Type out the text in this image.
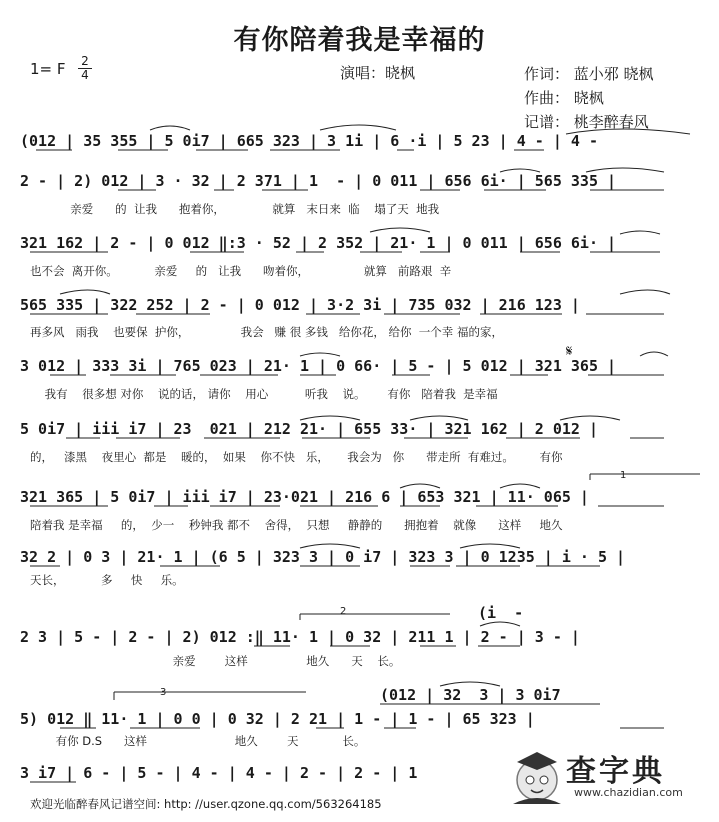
有你陪着我是幸福的
1= F 2
4	演唱：晓枫	作词： 蓝小邪 晓枫
作曲： 晓枫
记谱： 桃李醉春风
(012 | 32  3 | 3 0i7
(i  -
2
3
1
𝄋
(012 | 35 355 | 5 0i7 | 665 323 | 3 1i | 6 ·i | 5 23 | 4 - | 4 -
2 - | 2) 012 | 3 · 32 | 2 371 | 1  - | 0 011 | 656 6i· | 565 335 |
亲爱      的  让我      抱着你，             就算   末日来  临    塌了天  地我
321 162 | 2 - | 0 012 ‖:3 · 52 | 2 352 | 21· 1 | 0 011 | 656 6i· |
也不会  离开你。          亲爱     的   让我      吻着你，               就算   前路艰  辛
565 335 | 322 252 | 2 - | 0 012 | 3·2 3i | 735 032 | 216 123 |
再多风   雨我    也要保  护你，              我会   赚 很 多钱   给你花， 给你  一个幸 福的家，
3 012 | 333 3i | 765 023 | 21· 1 | 0 66· | 5 - | 5 012 | 321 365 |
我有    很多想 对你    说的话， 请你    用心          听我    说。      有你   陪着我  是幸福
5 0i7 | iii i7 | 23  021 | 212 21· | 655 33· | 321 162 | 2 012 |
的，   漆黑    夜里心  都是    暖的，  如果    你不快   乐，     我会为   你      带走所  有难过。       有你
321 365 | 5 0i7 | iii i7 | 23·021 | 216 6 | 653 321 | 11· 065 |
陪着我 是幸福     的，  少一    秒钟我 都不    舍得，  只想     静静的      拥抱着    就像      这样     地久
32 2 | 0 3 | 21· 1 | (6 5 | 323 3 | 0 i7 | 323 3 | 0 1235 | i · 5 |
天长，          多     快     乐。
2 3 | 5 - | 2 - | 2) 012 :‖ 11· 1 | 0 32 | 211 1 | 2 - | 3 - |
亲爱        这样                地久      天    长。
5) 012 ‖ 11· 1 | 0 0 | 0 32 | 2 21 | 1 - | 1 - | 65 323 |
有你 D.S      这样                        地久        天            长。
3 i7 | 6 - | 5 - | 4 - | 4 - | 2 - | 2 - | 1
欢迎光临醉春风记谱空间: http: //user.qzone.qq.com/563264185
查字典
www.chazidian.com
